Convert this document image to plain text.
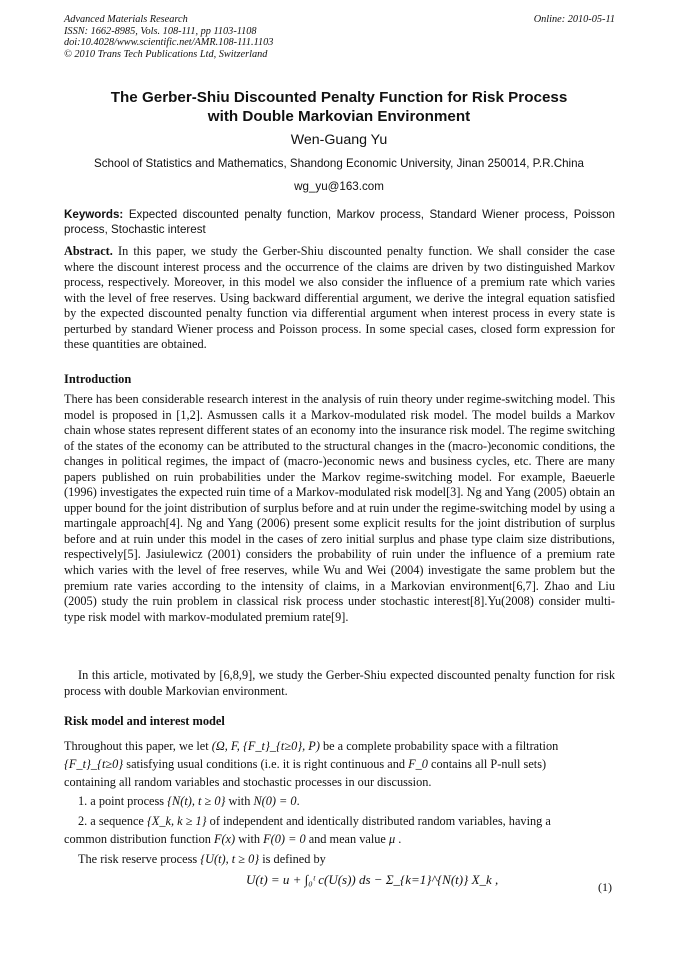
Advanced Materials Research
ISSN: 1662-8985, Vols. 108-111, pp 1103-1108
doi:10.4028/www.scientific.net/AMR.108-111.1103
© 2010 Trans Tech Publications Ltd, Switzerland
Online: 2010-05-11
The Gerber-Shiu Discounted Penalty Function for Risk Process
with Double Markovian Environment
Wen-Guang Yu
School of Statistics and Mathematics, Shandong Economic University, Jinan 250014, P.R.China
wg_yu@163.com
Keywords: Expected discounted penalty function, Markov process, Standard Wiener process, Poisson process, Stochastic interest
Abstract. In this paper, we study the Gerber-Shiu discounted penalty function. We shall consider the case where the discount interest process and the occurrence of the claims are driven by two distinguished Markov process, respectively. Moreover, in this model we also consider the influence of a premium rate which varies with the level of free reserves. Using backward differential argument, we derive the integral equation satisfied by the expected discounted penalty function via differential argument when interest process in every state is perturbed by standard Wiener process and Poisson process. In some special cases, closed form expression for these quantities are obtained.
Introduction
There has been considerable research interest in the analysis of ruin theory under regime-switching model. This model is proposed in [1,2]. Asmussen calls it a Markov-modulated risk model. The model builds a Markov chain whose states represent different states of an economy into the insurance risk model. The regime switching of the states of the economy can be attributed to the structural changes in the (macro-)economic conditions, the changes in political regimes, the impact of (macro-)economic news and business cycles, etc. There are many papers published on ruin probabilities under the Markov regime-switching model. For example, Baeuerle (1996) investigates the expected ruin time of a Markov-modulated risk model[3]. Ng and Yang (2005) obtain an upper bound for the joint distribution of surplus before and at ruin under the regime-switching model by using a martingale approach[4]. Ng and Yang (2006) present some explicit results for the joint distribution of surplus before and at ruin under this model in the cases of zero initial surplus and phase type claim size distributions, respectively[5]. Jasiulewicz (2001) considers the probability of ruin under the influence of a premium rate which varies with the level of free reserves, while Wu and Wei (2004) investigate the same problem but the premium rate varies according to the intensity of claims, in a Markovian environment[6,7]. Zhao and Liu (2005) study the ruin problem in classical risk process under stochastic interest[8].Yu(2008) consider multi-type risk model with markov-modulated premium rate[9].
In this article, motivated by [6,8,9], we study the Gerber-Shiu expected discounted penalty function for risk process with double Markovian environment.
Risk model and interest model
Throughout this paper, we let (Ω, F, {F_t}_{t≥0}, P) be a complete probability space with a filtration
{F_t}_{t≥0} satisfying usual conditions (i.e. it is right continuous and F_0 contains all P-null sets)
containing all random variables and stochastic processes in our discussion.
1. a point process {N(t), t ≥ 0} with N(0) = 0.
2. a sequence {X_k, k ≥ 1} of independent and identically distributed random variables, having a
common distribution function F(x) with F(0) = 0 and mean value μ .
The risk reserve process {U(t), t ≥ 0} is defined by
U(t) = u + ∫₀ᵗ c(U(s)) ds − Σ_{k=1}^{N(t)} X_k ,	(1)
